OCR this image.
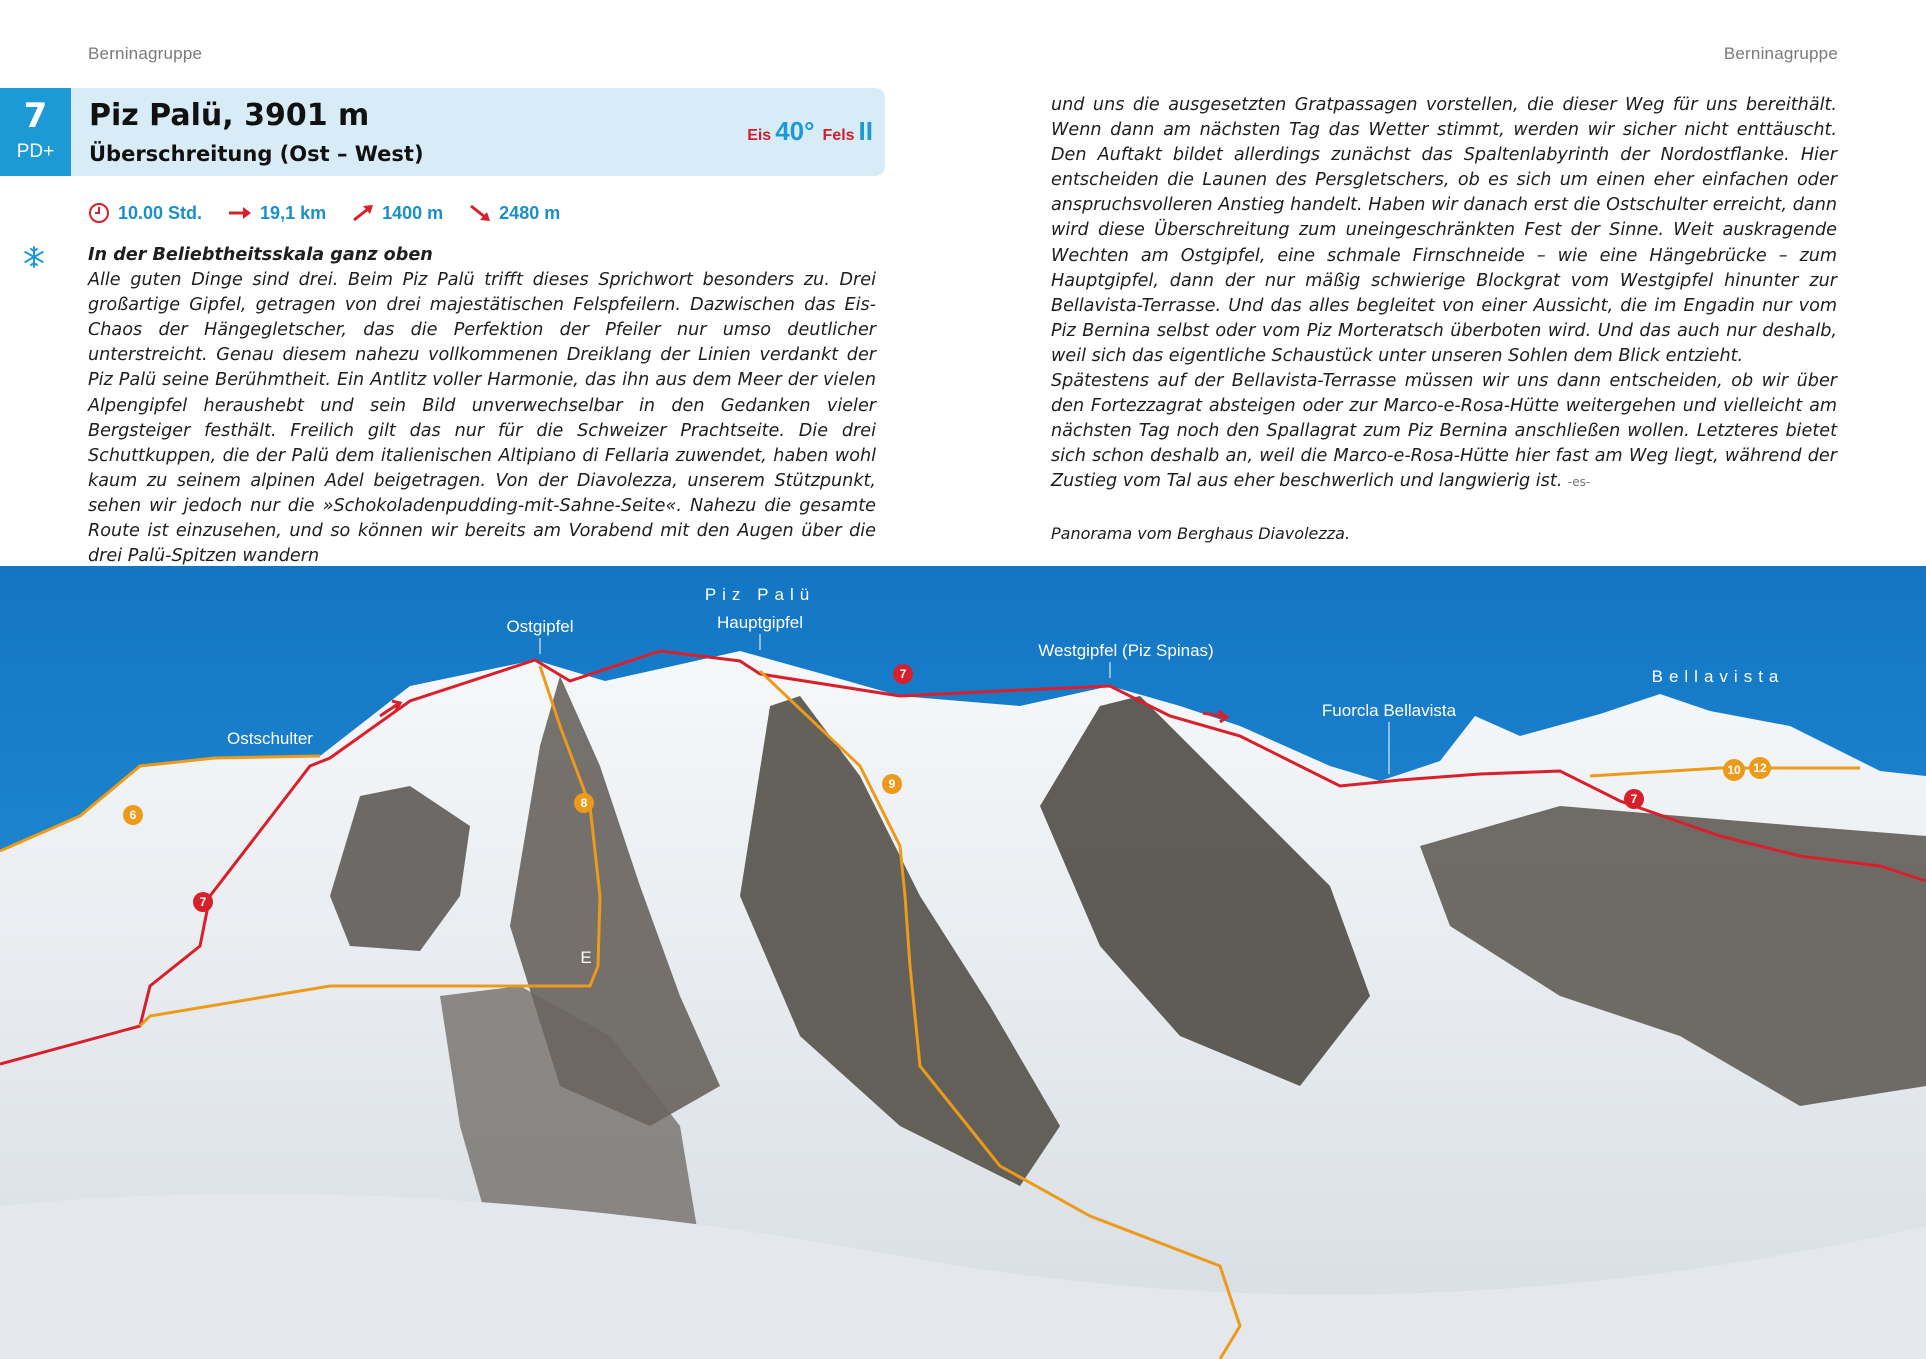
Berninagruppe	Berninagruppe
7
PD+
Piz Palü, 3901 m
Überschreitung (Ost – West)
Eis 40° Fels II
10.00 Std.	19,1 km	1400 m	2480 m

In der Beliebtheitsskala ganz oben
Alle guten Dinge sind drei. Beim Piz Palü trifft dieses Sprichwort besonders zu. Drei großartige Gipfel, getragen von drei majestätischen Felspfeilern. Dazwischen das Eis-Chaos der Hängegletscher, das die Perfektion der Pfeiler nur umso deutlicher unterstreicht. Genau diesem nahezu vollkommenen Dreiklang der Linien verdankt der Piz Palü seine Berühmtheit. Ein Antlitz voller Harmonie, das ihn aus dem Meer der vielen Alpengipfel heraushebt und sein Bild unverwechselbar in den Gedanken vieler Bergsteiger festhält. Freilich gilt das nur für die Schweizer Prachtseite. Die drei Schuttkuppen, die der Palü dem italienischen Altipiano di Fellaria zuwendet, haben wohl kaum zu seinem alpinen Adel beigetragen. Von der Diavolezza, unserem Stützpunkt, sehen wir jedoch nur die »Schokoladenpudding-mit-Sahne-Seite«. Nahezu die gesamte Route ist einzusehen, und so können wir bereits am Vorabend mit den Augen über die drei Palü-Spitzen wandern

und uns die ausgesetzten Gratpassagen vorstellen, die dieser Weg für uns bereithält. Wenn dann am nächsten Tag das Wetter stimmt, werden wir sicher nicht enttäuscht. Den Auftakt bildet allerdings zunächst das Spaltenlabyrinth der Nordostflanke. Hier entscheiden die Launen des Persgletschers, ob es sich um einen eher einfachen oder anspruchsvolleren Anstieg handelt. Haben wir danach erst die Ostschulter erreicht, dann wird diese Überschreitung zum uneingeschränkten Fest der Sinne. Weit auskragende Wechten am Ostgipfel, eine schmale Firnschneide – wie eine Hängebrücke – zum Hauptgipfel, dann der nur mäßig schwierige Blockgrat vom Westgipfel hinunter zur Bellavista-Terrasse. Und das alles begleitet von einer Aussicht, die im Engadin nur vom Piz Bernina selbst oder vom Piz Morteratsch überboten wird. Und das auch nur deshalb, weil sich das eigentliche Schaustück unter unseren Sohlen dem Blick entzieht.
Spätestens auf der Bellavista-Terrasse müssen wir uns dann entscheiden, ob wir über den Fortezzagrat absteigen oder zur Marco-e-Rosa-Hütte weitergehen und vielleicht am nächsten Tag noch den Spallagrat zum Piz Bernina anschließen wollen. Letzteres bietet sich schon deshalb an, weil die Marco-e-Rosa-Hütte hier fast am Weg liegt, während der Zustieg vom Tal aus eher beschwerlich und langwierig ist. -es-

Panorama vom Berghaus Diavolezza.
7
7
7
6
8
9
10 12
Ostschulter
Ostgipfel
Piz Palü
Hauptgipfel
Westgipfel (Piz Spinas)
Fuorcla Bellavista
Bellavista
E
